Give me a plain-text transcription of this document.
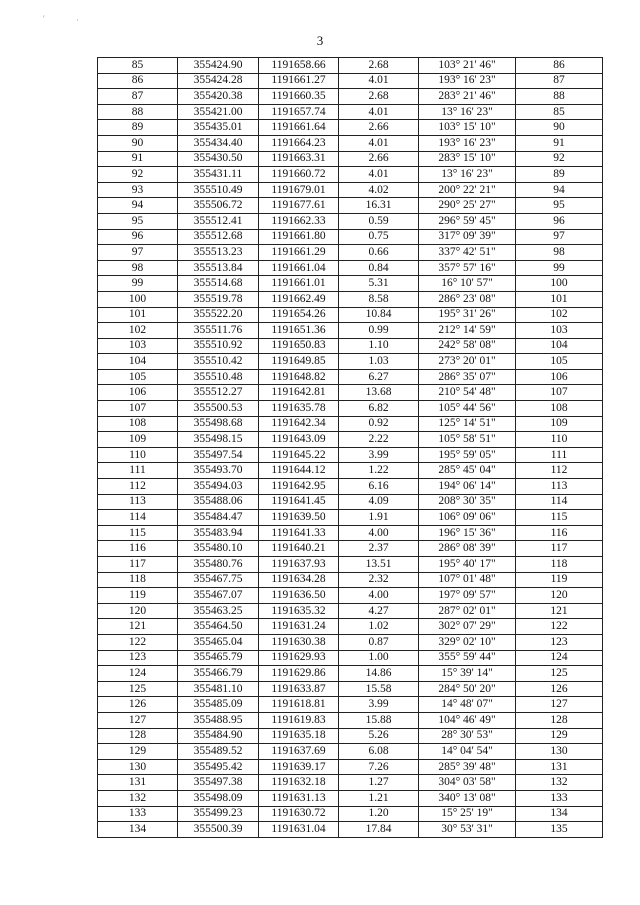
'	·
3
85	355424.90	1191658.66	2.68	103° 21' 46"	86
86	355424.28	1191661.27	4.01	193° 16' 23"	87
87	355420.38	1191660.35	2.68	283° 21' 46"	88
88	355421.00	1191657.74	4.01	13° 16' 23"	85
89	355435.01	1191661.64	2.66	103° 15' 10"	90
90	355434.40	1191664.23	4.01	193° 16' 23"	91
91	355430.50	1191663.31	2.66	283° 15' 10"	92
92	355431.11	1191660.72	4.01	13° 16' 23"	89
93	355510.49	1191679.01	4.02	200° 22' 21"	94
94	355506.72	1191677.61	16.31	290° 25' 27"	95
95	355512.41	1191662.33	0.59	296° 59' 45"	96
96	355512.68	1191661.80	0.75	317° 09' 39"	97
97	355513.23	1191661.29	0.66	337° 42' 51"	98
98	355513.84	1191661.04	0.84	357° 57' 16"	99
99	355514.68	1191661.01	5.31	16° 10' 57"	100
100	355519.78	1191662.49	8.58	286° 23' 08"	101
101	355522.20	1191654.26	10.84	195° 31' 26"	102
102	355511.76	1191651.36	0.99	212° 14' 59"	103
103	355510.92	1191650.83	1.10	242° 58' 08"	104
104	355510.42	1191649.85	1.03	273° 20' 01"	105
105	355510.48	1191648.82	6.27	286° 35' 07"	106
106	355512.27	1191642.81	13.68	210° 54' 48"	107
107	355500.53	1191635.78	6.82	105° 44' 56"	108
108	355498.68	1191642.34	0.92	125° 14' 51"	109
109	355498.15	1191643.09	2.22	105° 58' 51"	110
110	355497.54	1191645.22	3.99	195° 59' 05"	111
111	355493.70	1191644.12	1.22	285° 45' 04"	112
112	355494.03	1191642.95	6.16	194° 06' 14"	113
113	355488.06	1191641.45	4.09	208° 30' 35"	114
114	355484.47	1191639.50	1.91	106° 09' 06"	115
115	355483.94	1191641.33	4.00	196° 15' 36"	116
116	355480.10	1191640.21	2.37	286° 08' 39"	117
117	355480.76	1191637.93	13.51	195° 40' 17"	118
118	355467.75	1191634.28	2.32	107° 01' 48"	119
119	355467.07	1191636.50	4.00	197° 09' 57"	120
120	355463.25	1191635.32	4.27	287° 02' 01"	121
121	355464.50	1191631.24	1.02	302° 07' 29"	122
122	355465.04	1191630.38	0.87	329° 02' 10"	123
123	355465.79	1191629.93	1.00	355° 59' 44"	124
124	355466.79	1191629.86	14.86	15° 39' 14"	125
125	355481.10	1191633.87	15.58	284° 50' 20"	126
126	355485.09	1191618.81	3.99	14° 48' 07"	127
127	355488.95	1191619.83	15.88	104° 46' 49"	128
128	355484.90	1191635.18	5.26	28° 30' 53"	129
129	355489.52	1191637.69	6.08	14° 04' 54"	130
130	355495.42	1191639.17	7.26	285° 39' 48"	131
131	355497.38	1191632.18	1.27	304° 03' 58"	132
132	355498.09	1191631.13	1.21	340° 13' 08"	133
133	355499.23	1191630.72	1.20	15° 25' 19"	134
134	355500.39	1191631.04	17.84	30° 53' 31"	135
